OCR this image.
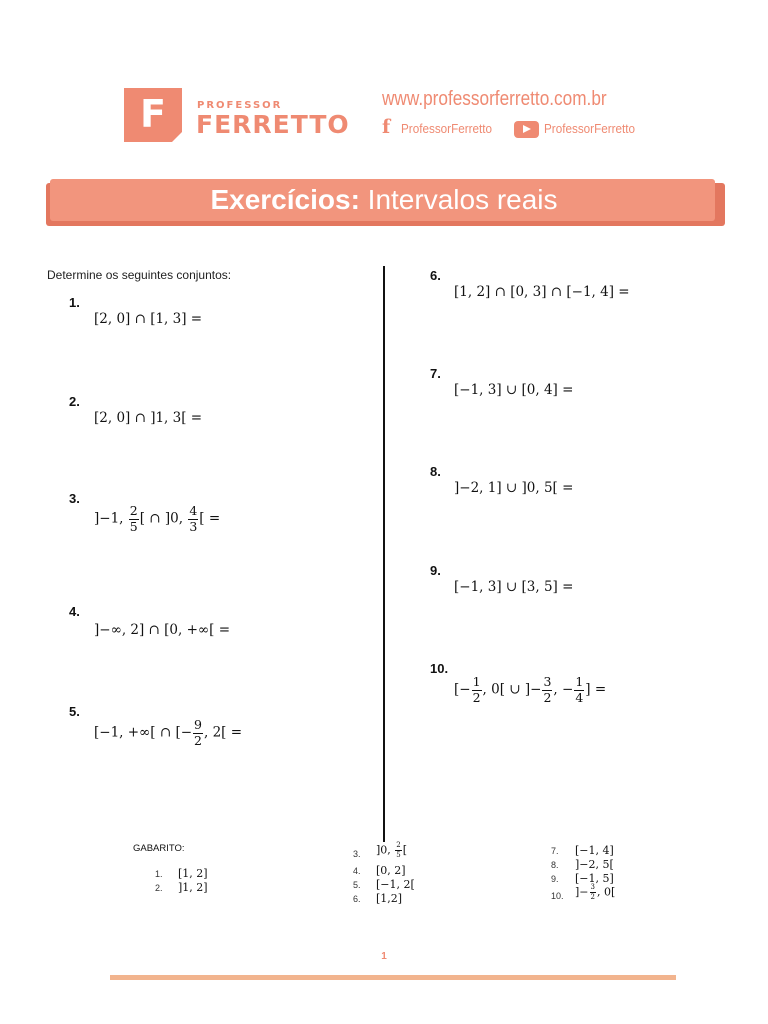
F	PROFESSOR
FERRETTO
www.professorferretto.com.br
f ProfessorFerretto	ProfessorFerretto
Exercícios: Intervalos reais
Determine os seguintes conjuntos:
1.
[2, 0] ∩ [1, 3] =
2.
[2, 0] ∩ ]1, 3[ =
3.
]−1, $\frac{2}{5}$ [ ∩ ]0, $\frac{4}{3}$ [ =
4.
]−∞, 2] ∩ [0, +∞[ =
5.
[−1, +∞[ ∩ [− $\frac{9}{2}$ , 2[ =
6.
[1, 2] ∩ [0, 3] ∩ [−1, 4] =
7.
[−1, 3] ∪ [0, 4] =
8.
]−2, 1] ∪ ]0, 5[ =
9.
[−1, 3] ∪ [3, 5] =
10.
[− $\frac{1}{2}$ , 0[ ∪ ]− $\frac{3}{2}$ , − $\frac{1}{4}$ ] =
GABARITO:
1. [1, 2]
2. ]1, 2]
3. ]0, $\frac{2}{5}$ [
4. [0, 2]
5. [−1, 2[
6. [1,2]
7. [−1, 4]
8. ]−2, 5[
9. [−1, 5]
10. ]− $\frac{3}{2}$ , 0[
1
